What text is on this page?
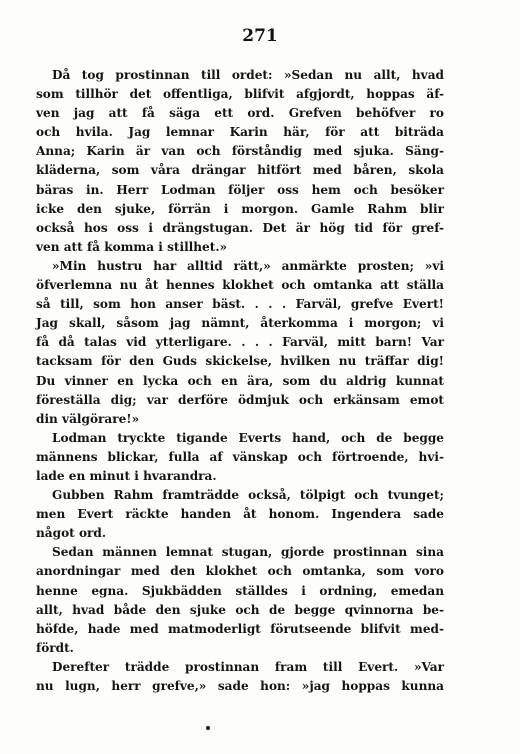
271
Då tog prostinnan till ordet: »Sedan nu allt, hvad
som tillhör det offentliga, blifvit afgjordt, hoppas äf-
ven jag att få säga ett ord. Grefven behöfver ro
och hvila. Jag lemnar Karin här, för att biträda
Anna; Karin är van och förståndig med sjuka. Säng-
kläderna, som våra drängar hitfört med båren, skola
bäras in. Herr Lodman följer oss hem och besöker
icke den sjuke, förrän i morgon. Gamle Rahm blir
också hos oss i drängstugan. Det är hög tid för gref-
ven att få komma i stillhet.»
»Min hustru har alltid rätt,» anmärkte prosten; »vi
öfverlemna nu åt hennes klokhet och omtanka att ställa
så till, som hon anser bäst. . . . Farväl, grefve Evert!
Jag skall, såsom jag nämnt, återkomma i morgon; vi
få då talas vid ytterligare. . . . Farväl, mitt barn! Var
tacksam för den Guds skickelse, hvilken nu träffar dig!
Du vinner en lycka och en ära, som du aldrig kunnat
föreställa dig; var derföre ödmjuk och erkänsam emot
din välgörare!»
Lodman tryckte tigande Everts hand, och de begge
männens blickar, fulla af vänskap och förtroende, hvi-
lade en minut i hvarandra.
Gubben Rahm framträdde också, tölpigt och tvunget;
men Evert räckte handen åt honom. Ingendera sade
något ord.
Sedan männen lemnat stugan, gjorde prostinnan sina
anordningar med den klokhet och omtanka, som voro
henne egna. Sjukbädden ställdes i ordning, emedan
allt, hvad både den sjuke och de begge qvinnorna be-
höfde, hade med matmoderligt förutseende blifvit med-
fördt.
Derefter trädde prostinnan fram till Evert. »Var
nu lugn, herr grefve,» sade hon: »jag hoppas kunna
